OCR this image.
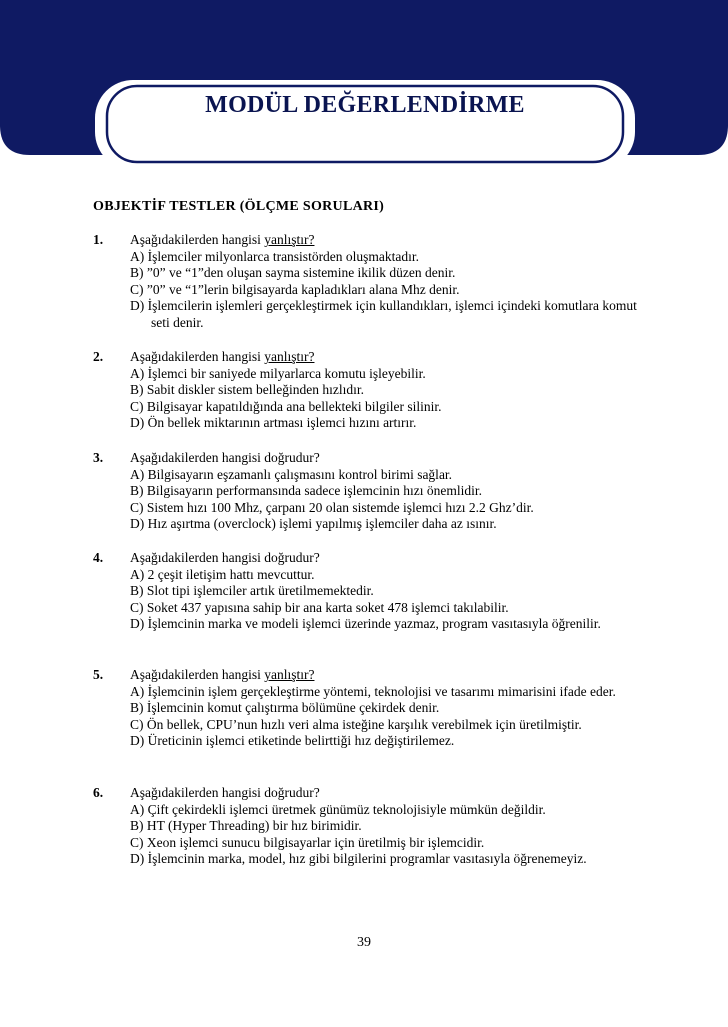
MODÜL DEĞERLENDİRME
OBJEKTİF TESTLER (ÖLÇME SORULARI)
1.	Aşağıdakilerden hangisi yanlıştır?
A) İşlemciler milyonlarca transistörden oluşmaktadır.
B) ”0” ve “1”den oluşan sayma sistemine ikilik düzen denir.
C) ”0” ve “1”lerin bilgisayarda kapladıkları alana Mhz denir.
D) İşlemcilerin işlemleri gerçekleştirmek için kullandıkları, işlemci içindeki komutlara komut seti denir.
2.	Aşağıdakilerden hangisi yanlıştır?
A) İşlemci bir saniyede milyarlarca komutu işleyebilir.
B) Sabit diskler sistem belleğinden hızlıdır.
C) Bilgisayar kapatıldığında ana bellekteki bilgiler silinir.
D) Ön bellek miktarının artması işlemci hızını artırır.
3.	Aşağıdakilerden hangisi doğrudur?
A) Bilgisayarın eşzamanlı çalışmasını kontrol birimi sağlar.
B) Bilgisayarın performansında sadece işlemcinin hızı önemlidir.
C) Sistem hızı 100 Mhz, çarpanı 20 olan sistemde işlemci hızı 2.2 Ghz’dir.
D) Hız aşırtma (overclock) işlemi yapılmış işlemciler daha az ısınır.
4.	Aşağıdakilerden hangisi doğrudur?
A) 2 çeşit iletişim hattı mevcuttur.
B) Slot tipi işlemciler artık üretilmemektedir.
C) Soket 437 yapısına sahip bir ana karta soket 478 işlemci takılabilir.
D) İşlemcinin marka ve modeli işlemci üzerinde yazmaz, program vasıtasıyla öğrenilir.
5.	Aşağıdakilerden hangisi yanlıştır?
A) İşlemcinin işlem gerçekleştirme yöntemi, teknolojisi ve tasarımı mimarisini ifade eder.
B) İşlemcinin komut çalıştırma bölümüne çekirdek denir.
C) Ön bellek, CPU’nun hızlı veri alma isteğine karşılık verebilmek için üretilmiştir.
D) Üreticinin işlemci etiketinde belirttiği hız değiştirilemez.
6.	Aşağıdakilerden hangisi doğrudur?
A) Çift çekirdekli işlemci üretmek günümüz teknolojisiyle mümkün değildir.
B) HT (Hyper Threading) bir hız birimidir.
C) Xeon işlemci sunucu bilgisayarlar için üretilmiş bir işlemcidir.
D) İşlemcinin marka, model, hız gibi bilgilerini programlar vasıtasıyla öğrenemeyiz.
39
